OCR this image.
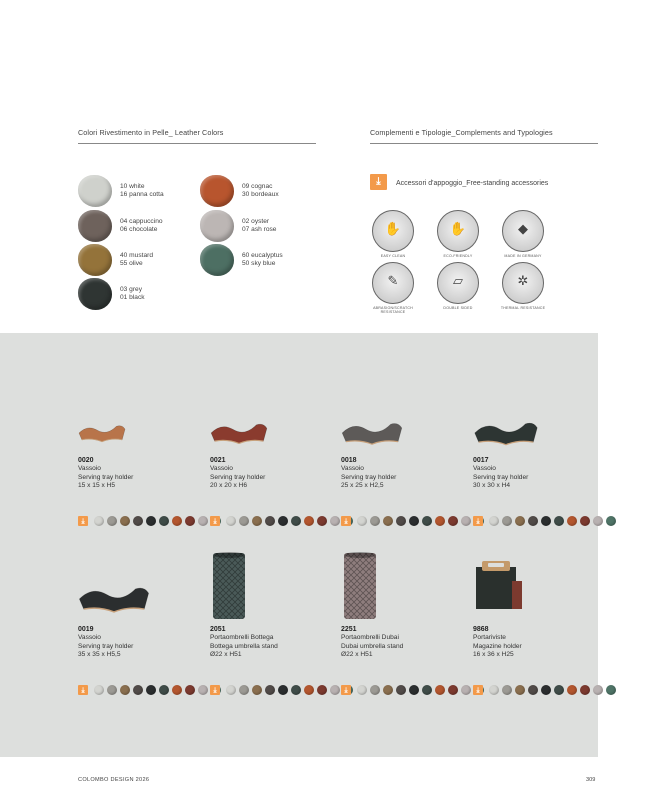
Colori Rivestimento in Pelle_ Leather Colors	Complementi e Tipologie_Complements and Typologies
10 white
16 panna cotta
09 cognac
30 bordeaux
04 cappuccino
06 chocolate
02 oyster
07 ash rose
40 mustard
55 olive
60 eucalyptus
50 sky blue
03 grey
01 black
⤓ Accessori d'appoggio_Free-standing accessories
✋
EASY CLEAN
✋
ECO-FRIENDLY
◆
MADE IN GERMANY
✎
ABRASION/SCRATCH RESISTANCE
▱
DOUBLE SIDED
✲
THERMAL RESISTANCE
0020
Vassoio
Serving tray holder
15 x 15 x H5
⤓
0021
Vassoio
Serving tray holder
20 x 20 x H6
⤓
0018
Vassoio
Serving tray holder
25 x 25 x H2,5
⤓
0017
Vassoio
Serving tray holder
30 x 30 x H4
⤓
0019
Vassoio
Serving tray holder
35 x 35 x H5,5
⤓
2051
Portaombrelli Bottega
Bottega umbrella stand
Ø22 x H51
⤓
2251
Portaombrelli Dubai
Dubai umbrella stand
Ø22 x H51
⤓
9868
Portariviste
Magazine holder
16 x 36 x H25
⤓
COLOMBO DESIGN 2026	309
